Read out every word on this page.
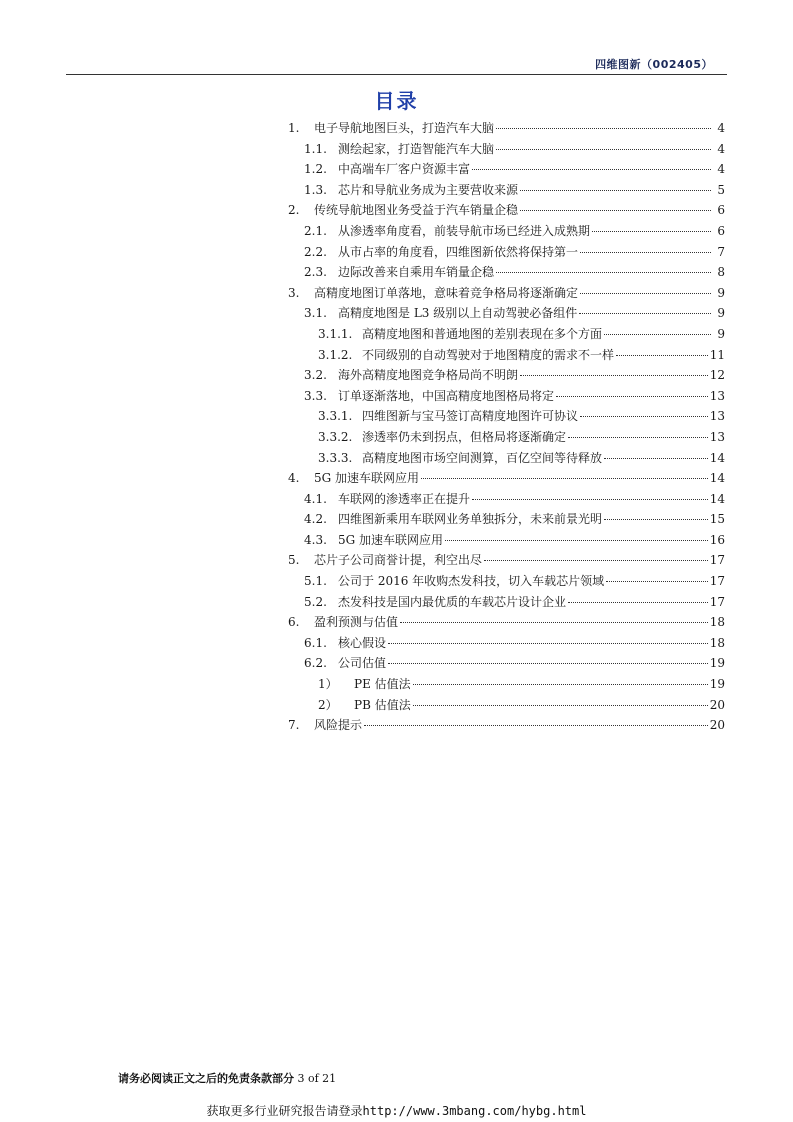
四维图新（002405）
目录
1.	电子导航地图巨头，打造汽车大脑	4
1.1. 测绘起家，打造智能汽车大脑	4
1.2. 中高端车厂客户资源丰富	4
1.3. 芯片和导航业务成为主要营收来源	5
2.	传统导航地图业务受益于汽车销量企稳	6
2.1. 从渗透率角度看，前装导航市场已经进入成熟期	6
2.2. 从市占率的角度看，四维图新依然将保持第一	7
2.3. 边际改善来自乘用车销量企稳	8
3.	高精度地图订单落地，意味着竞争格局将逐渐确定	9
3.1. 高精度地图是 L3 级别以上自动驾驶必备组件	9
3.1.1. 高精度地图和普通地图的差别表现在多个方面	9
3.1.2. 不同级别的自动驾驶对于地图精度的需求不一样	11
3.2. 海外高精度地图竞争格局尚不明朗	12
3.3. 订单逐渐落地，中国高精度地图格局将定	13
3.3.1. 四维图新与宝马签订高精度地图许可协议	13
3.3.2. 渗透率仍未到拐点，但格局将逐渐确定	13
3.3.3. 高精度地图市场空间测算，百亿空间等待释放	14
4.	5G 加速车联网应用	14
4.1. 车联网的渗透率正在提升	14
4.2. 四维图新乘用车联网业务单独拆分，未来前景光明	15
4.3. 5G 加速车联网应用	16
5.	芯片子公司商誉计提，利空出尽	17
5.1. 公司于 2016 年收购杰发科技，切入车载芯片领域	17
5.2. 杰发科技是国内最优质的车载芯片设计企业	17
6.	盈利预测与估值	18
6.1. 核心假设	18
6.2. 公司估值	19
1）	PE 估值法	19
2）	PB 估值法	20
7.	风险提示	20
请务必阅读正文之后的免责条款部分 3 of 21
获取更多行业研究报告请登录http://www.3mbang.com/hybg.html
